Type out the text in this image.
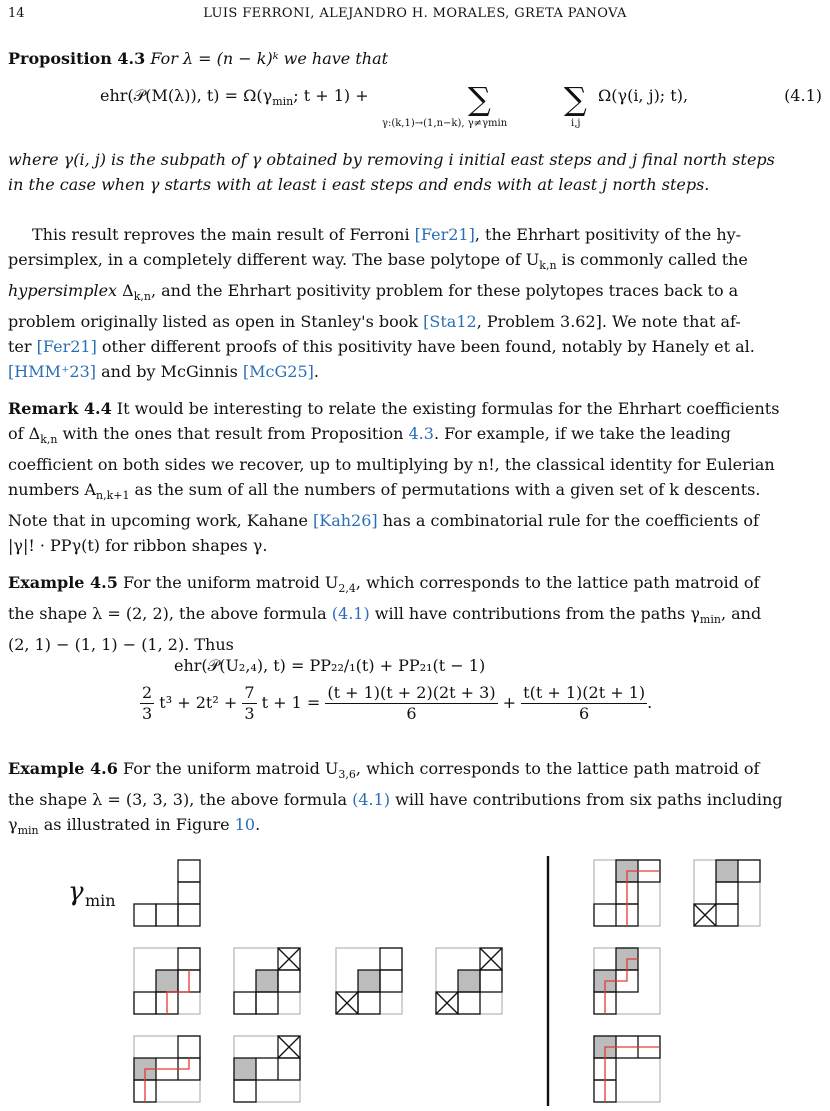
14	LUIS FERRONI, ALEJANDRO H. MORALES, GRETA PANOVA
Proposition 4.3 For λ = (n − k)ᵏ we have that
ehr(𝒫(M(λ)), $t) = \Omega(\gamma_{min}$; t + 1) +	∑ ∑
γ:(k,1)→(1,n−k), γ≠γmin	i,j
Ω(γ(i, j); t),	(4.1)
where γ(i, j) is the subpath of γ obtained by removing i initial east steps and j final north steps
in the case when γ starts with at least i east steps and ends with at least j north steps.
This result reproves the main result of Ferroni [Fer21], the Ehrhart positivity of the hy-
persimplex, in a completely different way. The base polytope of $U_{k,n}$ is commonly called the
hypersimplex $\Delta_{k,n}$, and the Ehrhart positivity problem for these polytopes traces back to a
problem originally listed as open in Stanley's book [Sta12, Problem 3.62]. We note that af-
ter [Fer21] other different proofs of this positivity have been found, notably by Hanely et al.
[HMM⁺23] and by McGinnis [McG25].
Remark 4.4 It would be interesting to relate the existing formulas for the Ehrhart coefficients
of $\Delta_{k,n}$ with the ones that result from Proposition 4.3. For example, if we take the leading
coefficient on both sides we recover, up to multiplying by n!, the classical identity for Eulerian
numbers $A_{n,k+1}$ as the sum of all the numbers of permutations with a given set of k descents.
Note that in upcoming work, Kahane [Kah26] has a combinatorial rule for the coefficients of
|γ|! · PPγ(t) for ribbon shapes γ.
Example 4.5 For the uniform matroid $U_{2,4}$, which corresponds to the lattice path matroid of
the shape λ = (2, 2), the above formula (4.1) will have contributions from the paths $\gamma_{min}$, and
(2, 1) − (1, 1) − (1, 2). Thus
ehr(𝒫(U₂,₄), t) = PP₂₂/₁(t) + PP₂₁(t − 1)
$\frac{2}{3} t^3 + 2t^2 + \frac{7}{3}$ $t + 1 = \frac{(t + 1)(t + 2)(2t + 3)}{6} + \frac{t(t + 1)(2t + 1)}{6}$ .
Example 4.6 For the uniform matroid $U_{3,6}$, which corresponds to the lattice path matroid of
the shape λ = (3, 3, 3), the above formula (4.1) will have contributions from six paths including
$\gamma_{min}$ as illustrated in Figure 10.
γ min
